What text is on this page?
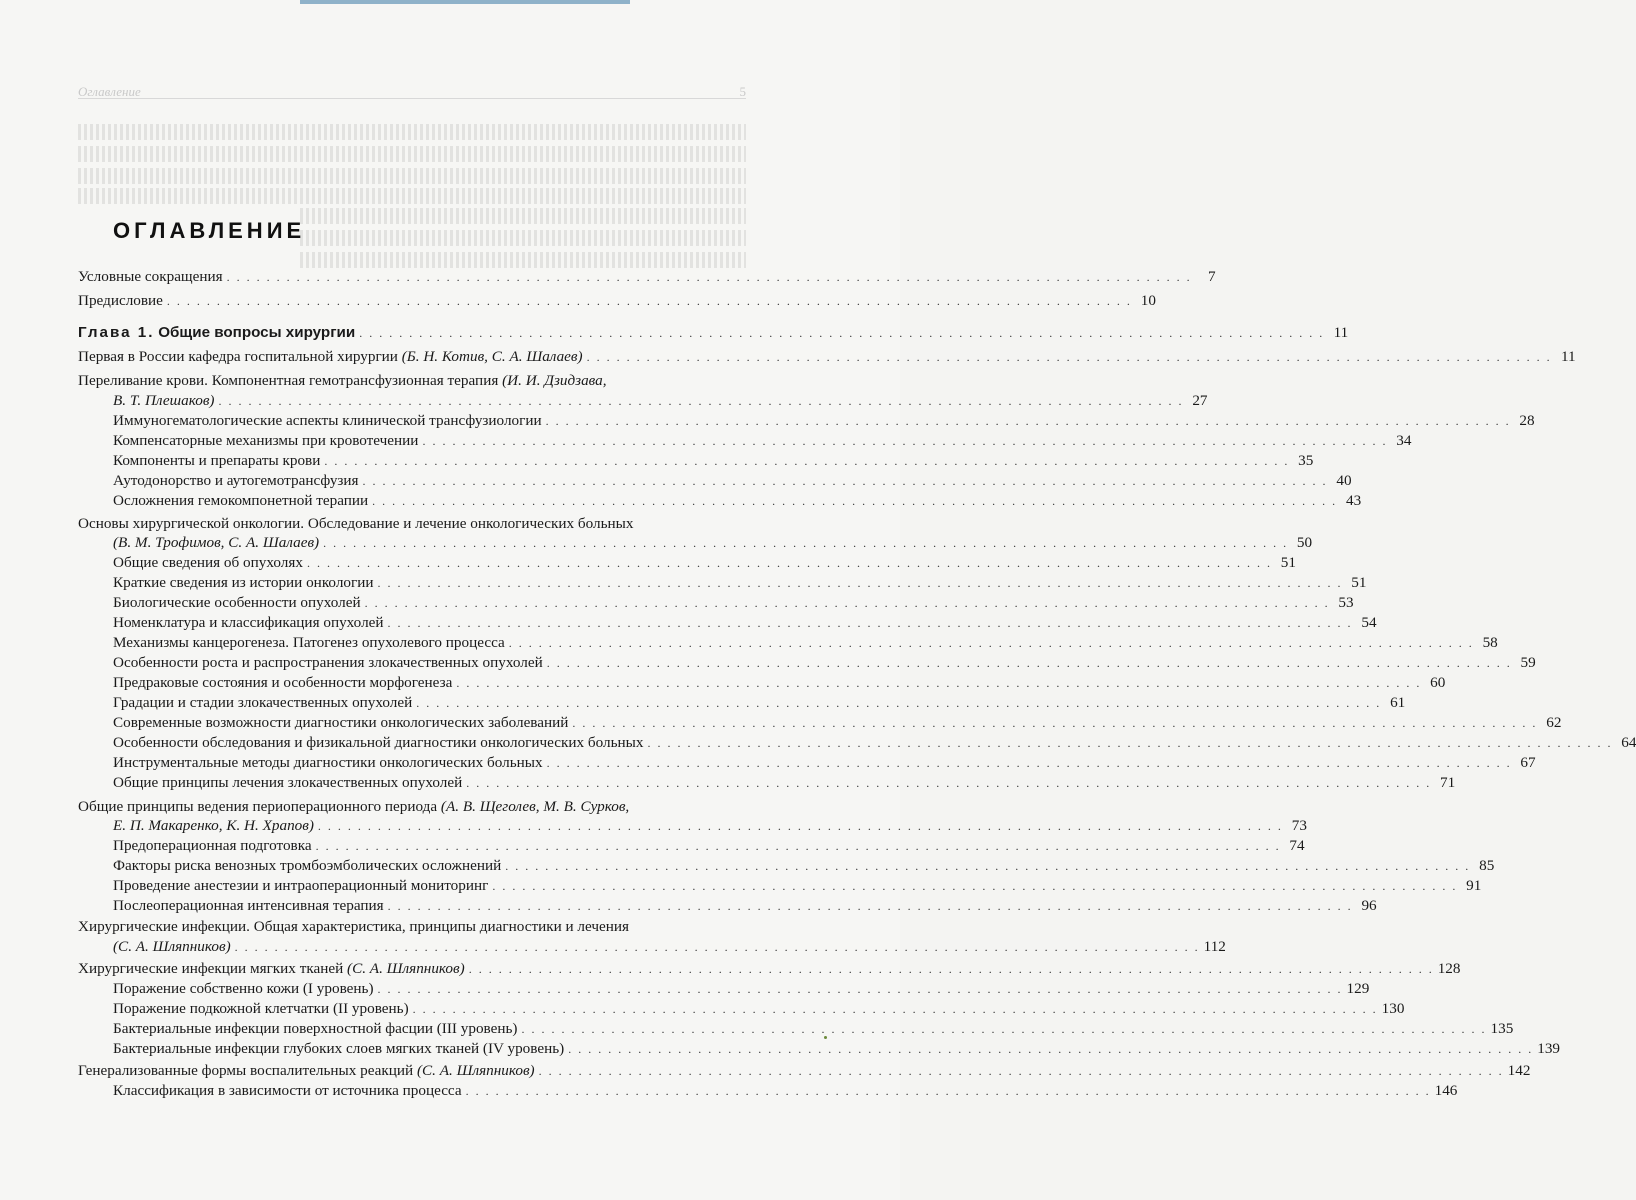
Оглавление	5
ОГЛАВЛЕНИЕ
Условные сокращения . . .	7
Предисловие . . .	10
Глава 1. Общие вопросы хирургии . . .	11
Первая в России кафедра госпитальной хирургии (Б. Н. Котив, С. А. Шалаев) . . .	11
Переливание крови. Компонентная гемотрансфузионная терапия (И. И. Дзидзава,
В. Т. Плешаков) . . .	27
Иммуногематологические аспекты клинической трансфузиологии . . .	28
Компенсаторные механизмы при кровотечении . . .	34
Компоненты и препараты крови . . .	35
Аутодонорство и аутогемотрансфузия . . .	40
Осложнения гемокомпонетной терапии . . .	43
Основы хирургической онкологии. Обследование и лечение онкологических больных
(В. М. Трофимов, С. А. Шалаев) . . .	50
Общие сведения об опухолях . . .	51
Краткие сведения из истории онкологии . . .	51
Биологические особенности опухолей . . .	53
Номенклатура и классификация опухолей . . .	54
Механизмы канцерогенеза. Патогенез опухолевого процесса . . .	58
Особенности роста и распространения злокачественных опухолей . . .	59
Предраковые состояния и особенности морфогенеза . . .	60
Градации и стадии злокачественных опухолей . . .	61
Современные возможности диагностики онкологических заболеваний . . .	62
Особенности обследования и физикальной диагностики онкологических больных . . .	64
Инструментальные методы диагностики онкологических больных . . .	67
Общие принципы лечения злокачественных опухолей . . .	71
Общие принципы ведения периоперационного периода (А. В. Щеголев, М. В. Сурков,
Е. П. Макаренко, К. Н. Храпов) . . .	73
Предоперационная подготовка . . .	74
Факторы риска венозных тромбоэмболических осложнений . . .	85
Проведение анестезии и интраоперационный мониторинг . . .	91
Послеоперационная интенсивная терапия . . .	96
Хирургические инфекции. Общая характеристика, принципы диагностики и лечения
(С. А. Шляпников) . . .	112
Хирургические инфекции мягких тканей (С. А. Шляпников) . . .	128
Поражение собственно кожи (I уровень) . . .	129
Поражение подкожной клетчатки (II уровень) . . .	130
Бактериальные инфекции поверхностной фасции (III уровень) . . .	135
Бактериальные инфекции глубоких слоев мягких тканей (IV уровень) . . .	139
Генерализованные формы воспалительных реакций (С. А. Шляпников) . . .	142
Классификация в зависимости от источника процесса . . .	146
